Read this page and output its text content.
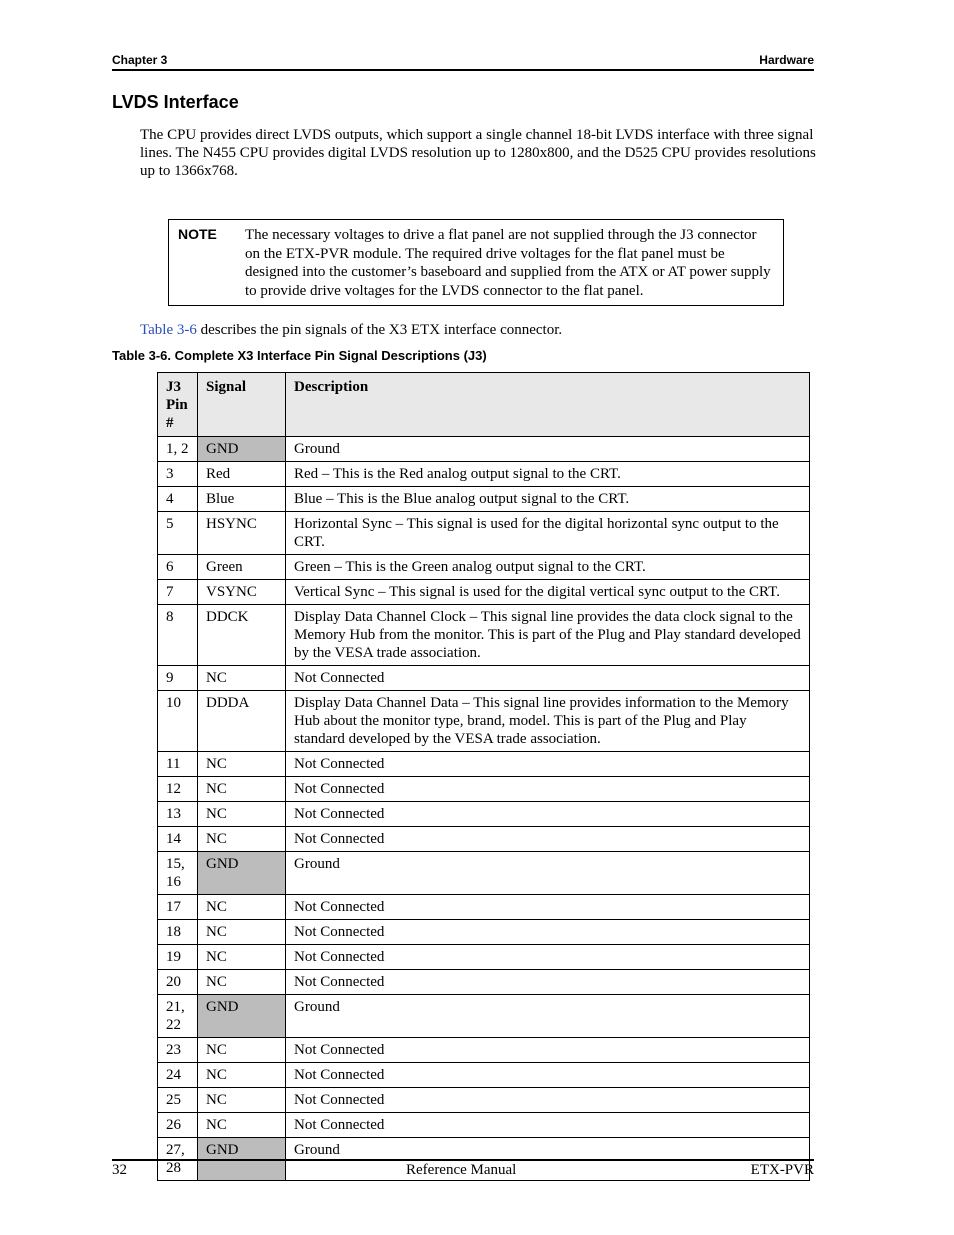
Chapter 3	Hardware
LVDS Interface

The CPU provides direct LVDS outputs, which support a single channel 18-bit LVDS interface with three signal lines. The N455 CPU provides digital LVDS resolution up to 1280x800, and the D525 CPU provides resolutions up to 1366x768.

NOTE The necessary voltages to drive a flat panel are not supplied through the J3 connector on the ETX-PVR module. The required drive voltages for the flat panel must be designed into the customer’s baseboard and supplied from the ATX or AT power supply to provide drive voltages for the LVDS connector to the flat panel.
Table 3-6 describes the pin signals of the X3 ETX interface connector.
Table 3-6. Complete X3 Interface Pin Signal Descriptions (J3)
J3
Pin #	Signal	Description
1, 2	GND	Ground
3	Red	Red – This is the Red analog output signal to the CRT.
4	Blue	Blue – This is the Blue analog output signal to the CRT.
5	HSYNC	Horizontal Sync – This signal is used for the digital horizontal sync output to the CRT.
6	Green	Green – This is the Green analog output signal to the CRT.
7	VSYNC	Vertical Sync – This signal is used for the digital vertical sync output to the CRT.
8	DDCK	Display Data Channel Clock – This signal line provides the data clock signal to the Memory Hub from the monitor. This is part of the Plug and Play standard developed by the VESA trade association.
9	NC	Not Connected
10	DDDA	Display Data Channel Data – This signal line provides information to the Memory Hub about the monitor type, brand, model. This is part of the Plug and Play standard developed by the VESA trade association.
11	NC	Not Connected
12	NC	Not Connected
13	NC	Not Connected
14	NC	Not Connected
15, 16	GND	Ground
17	NC	Not Connected
18	NC	Not Connected
19	NC	Not Connected
20	NC	Not Connected
21, 22	GND	Ground
23	NC	Not Connected
24	NC	Not Connected
25	NC	Not Connected
26	NC	Not Connected
27, 28	GND	Ground
32	Reference Manual	ETX-PVR
